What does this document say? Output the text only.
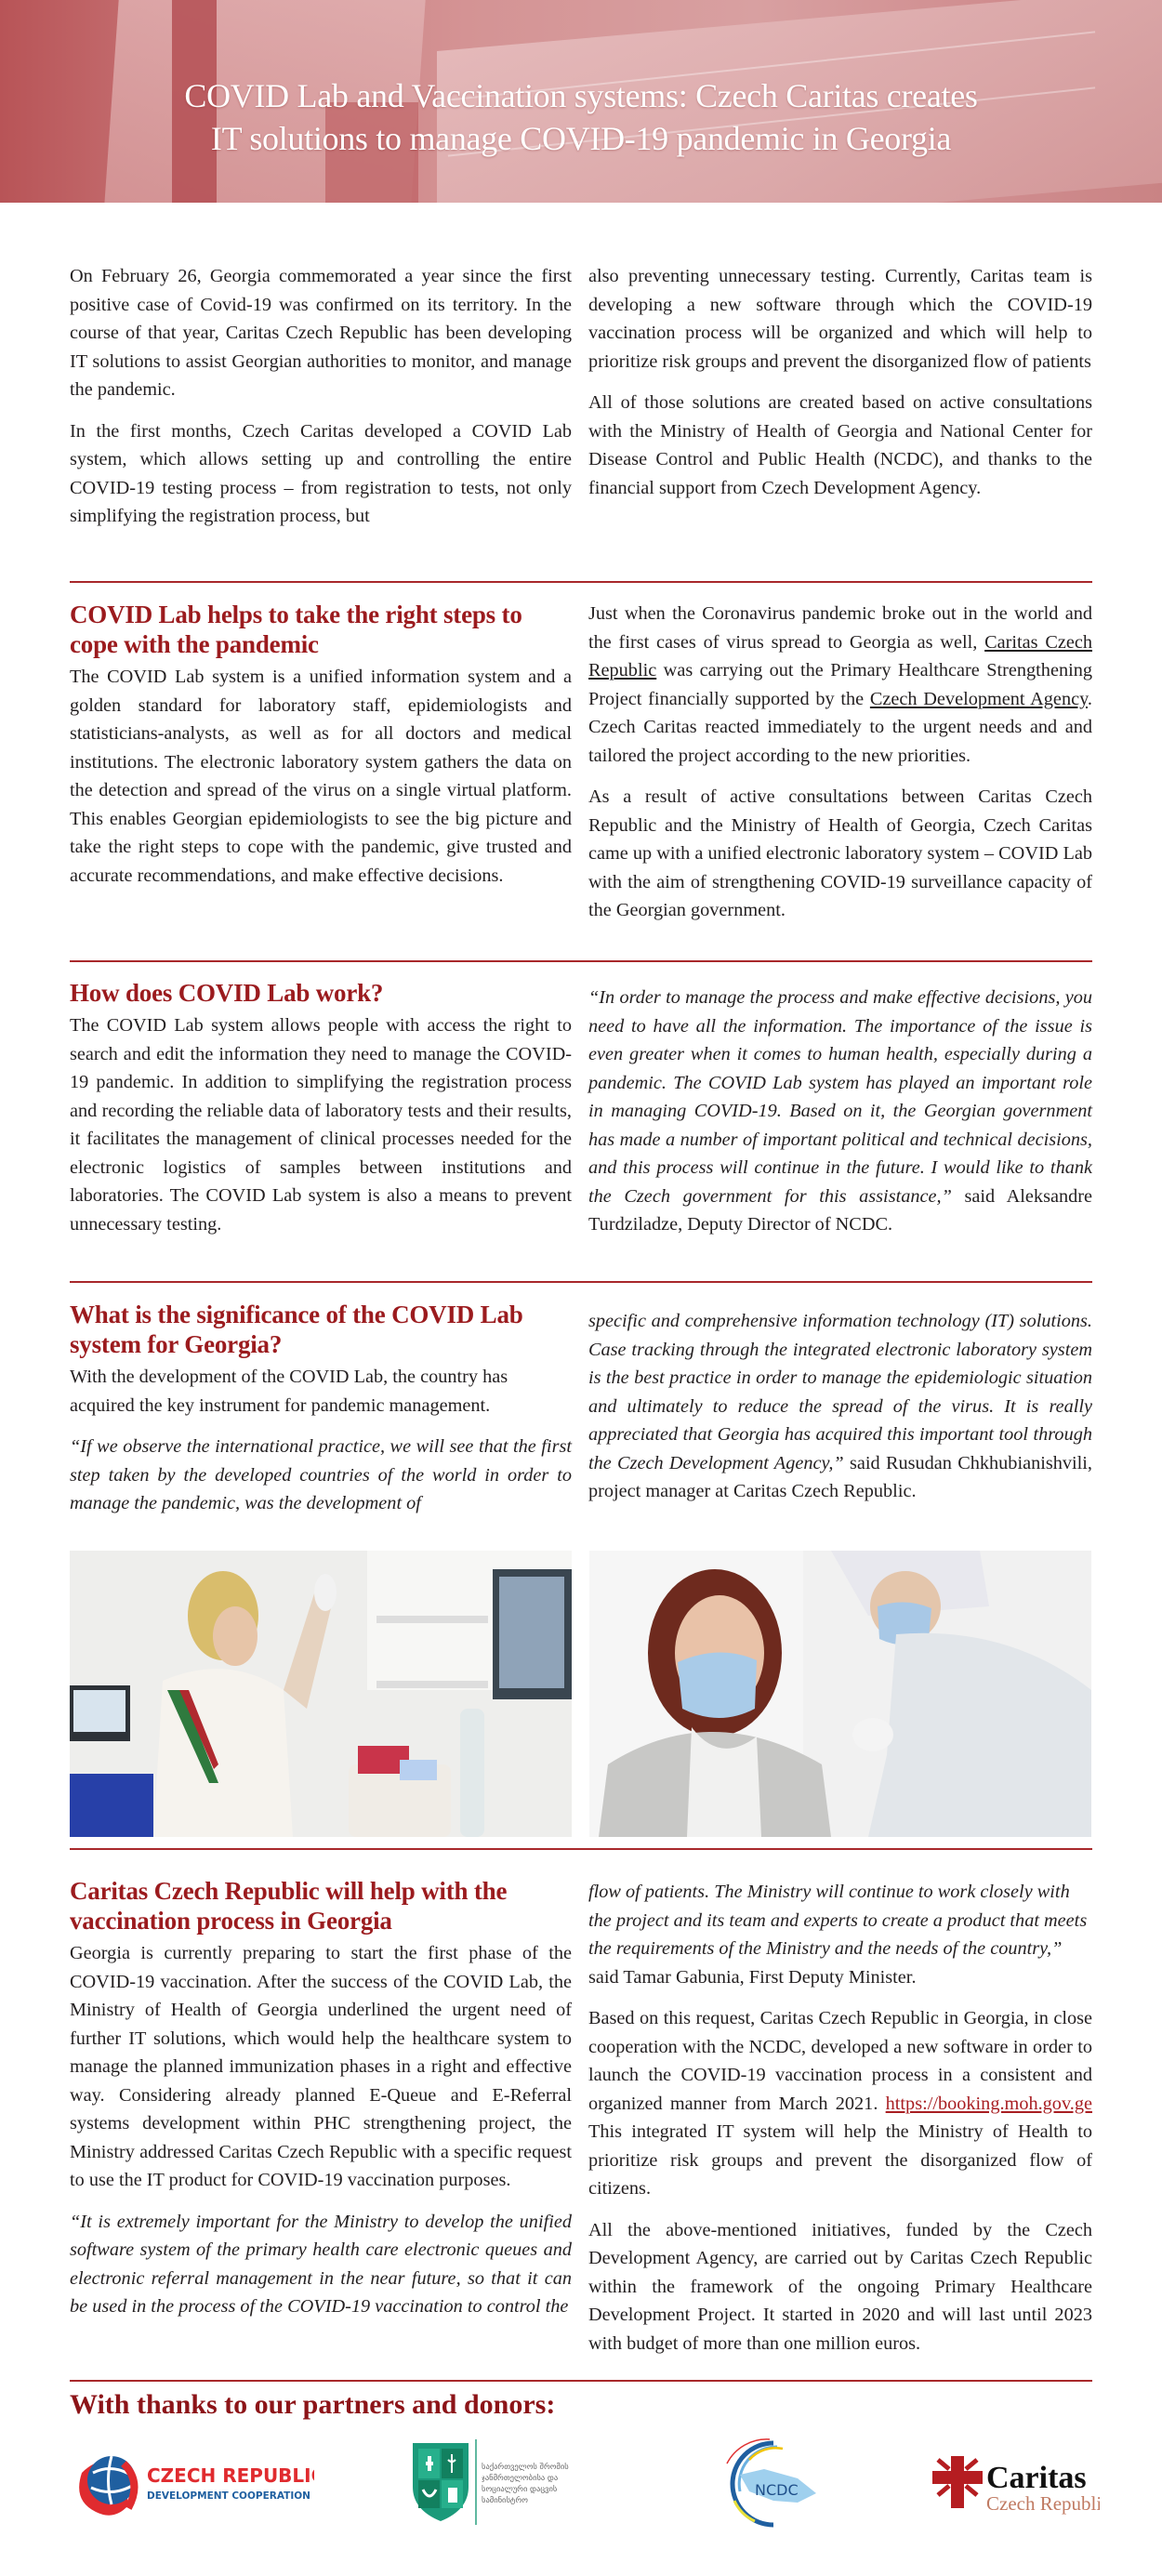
COVID Lab and Vaccination systems: Czech Caritas creates
IT solutions to manage COVID-19 pandemic in Georgia

On February 26, Georgia commemorated a year since the first positive case of Covid-19 was confirmed on its territory. In the course of that year, Caritas Czech Republic has been developing IT solutions to assist Georgian authorities to monitor, and manage the pandemic.

In the first months, Czech Caritas developed a COVID Lab system, which allows setting up and controlling the entire COVID-19 testing process – from registration to tests, not only simplifying the registration process, but

also preventing unnecessary testing. Currently, Caritas team is developing a new software through which the COVID-19 vaccination process will be organized and which will help to prioritize risk groups and prevent the disorganized flow of patients

All of those solutions are created based on active consultations with the Ministry of Health of Georgia and National Center for Disease Control and Public Health (NCDC), and thanks to the financial support from Czech Development Agency.

COVID Lab helps to take the right steps to cope with the pandemic

The COVID Lab system is a unified information system and a golden standard for laboratory staff, epidemiologists and statisticians-analysts, as well as for all doctors and medical institutions. The electronic laboratory system gathers the data on the detection and spread of the virus on a single virtual platform. This enables Georgian epidemiologists to see the big picture and take the right steps to cope with the pandemic, give trusted and accurate recommendations, and make effective decisions.

Just when the Coronavirus pandemic broke out in the world and the first cases of virus spread to Georgia as well, Caritas Czech Republic was carrying out the Primary Healthcare Strengthening Project financially supported by the Czech Development Agency. Czech Caritas reacted immediately to the urgent needs and and tailored the project according to the new priorities.

As a result of active consultations between Caritas Czech Republic and the Ministry of Health of Georgia, Czech Caritas came up with a unified electronic laboratory system – COVID Lab with the aim of strengthening COVID-19 surveillance capacity of the Georgian government.

How does COVID Lab work?

The COVID Lab system allows people with access the right to search and edit the information they need to manage the COVID-19 pandemic. In addition to simplifying the registration process and recording the reliable data of laboratory tests and their results, it facilitates the management of clinical processes needed for the electronic logistics of samples between institutions and laboratories. The COVID Lab system is also a means to prevent unnecessary testing.

“In order to manage the process and make effective decisions, you need to have all the information. The importance of the issue is even greater when it comes to human health, especially during a pandemic. The COVID Lab system has played an important role in managing COVID-19. Based on it, the Georgian government has made a number of important political and technical decisions, and this process will continue in the future. I would like to thank the Czech government for this assistance,” said Aleksandre Turdziladze, Deputy Director of NCDC.

What is the significance of the COVID Lab system for Georgia?

With the development of the COVID Lab, the country has acquired the key instrument for pandemic management.

“If we observe the international practice, we will see that the first step taken by the developed countries of the world in order to manage the pandemic, was the development of

specific and comprehensive information technology (IT) solutions. Case tracking through the integrated electronic laboratory system is the best practice in order to manage the epidemiologic situation and ultimately to reduce the spread of the virus. It is really appreciated that Georgia has acquired this important tool through the Czech Development Agency,” said Rusudan Chkhubianishvili, project manager at Caritas Czech Republic.

Caritas Czech Republic will help with the vaccination process in Georgia

Georgia is currently preparing to start the first phase of the COVID-19 vaccination. After the success of the COVID Lab, the Ministry of Health of Georgia underlined the urgent need of further IT solutions, which would help the healthcare system to manage the planned immunization phases in a right and effective way. Considering already planned E-Queue and E-Referral systems development within PHC strengthening project, the Ministry addressed Caritas Czech Republic with a specific request to use the IT product for COVID-19 vaccination purposes.

“It is extremely important for the Ministry to develop the unified software system of the primary health care electronic queues and electronic referral management in the near future, so that it can be used in the process of the COVID-19 vaccination to control the

flow of patients. The Ministry will continue to work closely with the project and its team and experts to create a product that meets the requirements of the Ministry and the needs of the country,” said Tamar Gabunia, First Deputy Minister.

Based on this request, Caritas Czech Republic in Georgia, in close cooperation with the NCDC, developed a new software in order to launch the COVID-19 vaccination process in a consistent and organized manner from March 2021. https://booking.moh.gov.ge This integrated IT system will help the Ministry of Health to prioritize risk groups and prevent the disorganized flow of citizens.

All the above-mentioned initiatives, funded by the Czech Development Agency, are carried out by Caritas Czech Republic within the framework of the ongoing Primary Healthcare Development Project. It started in 2020 and will last until 2023 with budget of more than one million euros.

With thanks to our partners and donors:
CZECH REPUBLIC
DEVELOPMENT COOPERATION
საქართველოს შრომის
ჯანმრთელობისა და
სოციალური დაცვის
სამინისტრო
NCDC	Caritas
Czech Republic
